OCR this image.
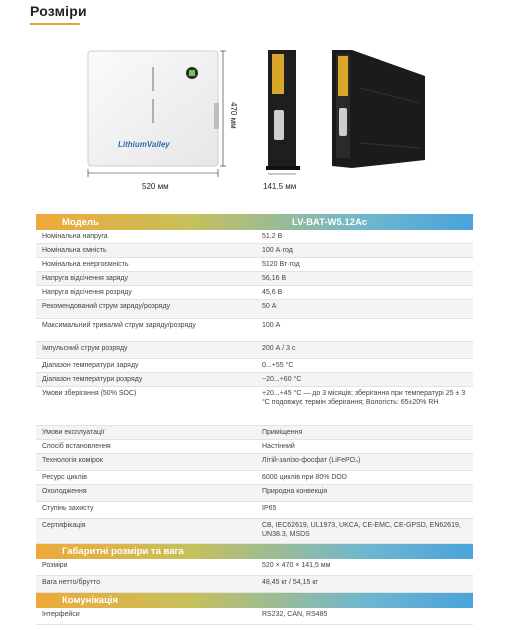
Розміри
LithiumValley
520 мм
470 мм
141.5 мм
Модель	LV-BAT-W5.12Ac
Номінальна напруга	51,2 В
Номінальна ємність	100 А·год
Номінальна енергоємність	5120 Вт·год
Напруга відсічення заряду	56,16 В
Напруга відсічення розряду	45,6 В
Рекомендований струм заряду/розряду	50 А
Максимальний тривалий струм заряду/розряду	100 А
Імпульсний струм розряду	200 А / 3 с
Діапазон температури заряду	0...+55 °C
Діапазон температури розряду	−20...+60 °C
Умови зберігання (50% SOC)	+20...+45 °C — до 3 місяців; зберігання при температурі 25 ± 3 °C подовжує термін зберігання; Вологість: 65±20% RH
Умови експлуатації	Приміщення
Спосіб встановлення	Настінний
Технологія комірок	Літій-залізо-фосфат (LiFePO₄)
Ресурс циклів	6000 циклів при 80% DOD
Охолодження	Природна конвекція
Ступінь захисту	IP65
Сертифікація	CB, IEC62619, UL1973, UKCA, CE-EMC, CE-GPSD, EN62619, UN38.3, MSDS
Габаритні розміри та вага
Розміри	520 × 470 × 141,5 мм
Вага нетто/брутто	48,45 кг / 54,15 кг
Комунікація
Інтерфейси	RS232, CAN, RS485
